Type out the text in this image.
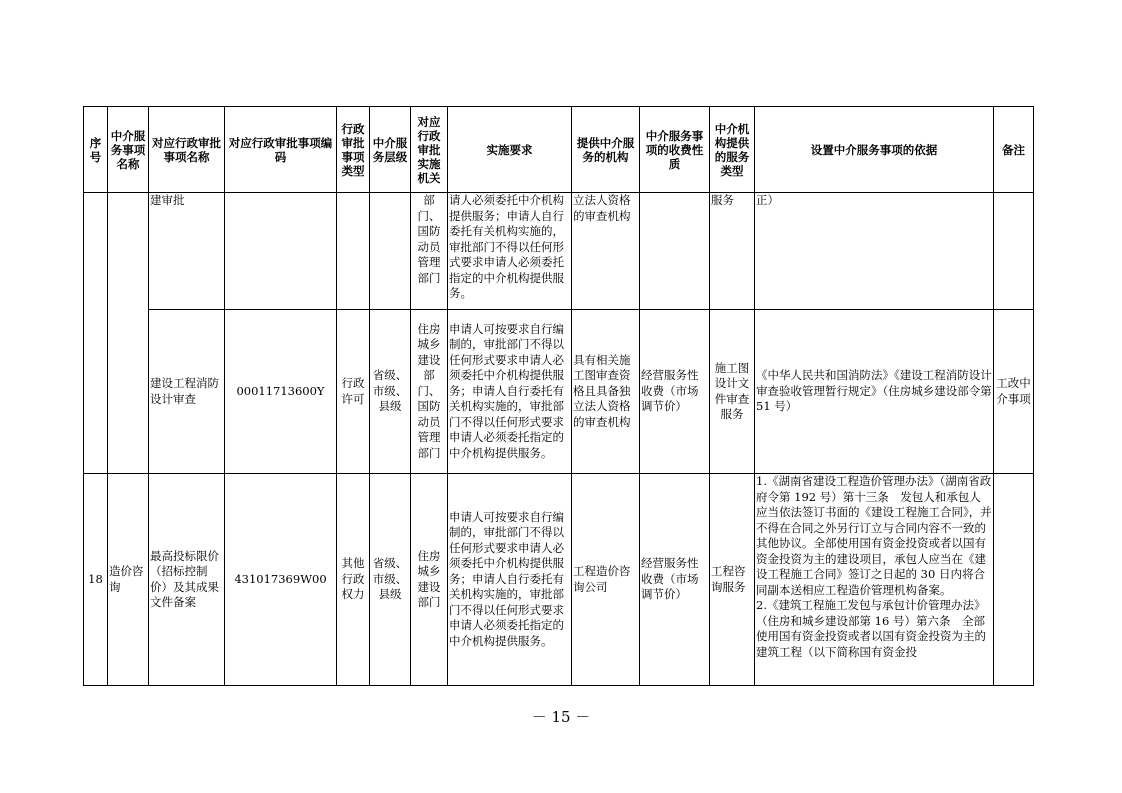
序号	中介服务事项名称	对应行政审批事项名称	对应行政审批事项编码	行政审批事项类型	中介服务层级	对应行政审批实施机关	实施要求	提供中介服务的机构	中介服务事项的收费性质	中介机构提供的服务类型	设置中介服务事项的依据	备注
		建审批				部门、国防动员管理部门	请人必须委托中介机构提供服务；申请人自行委托有关机构实施的，审批部门不得以任何形式要求申请人必须委托指定的中介机构提供服务。	立法人资格的审查机构		服务	正）	
		建设工程消防设计审查	00011713600Y	行政许可	省级、市级、县级	住房城乡建设部门、国防动员管理部门	申请人可按要求自行编制的，审批部门不得以任何形式要求申请人必须委托中介机构提供服务；申请人自行委托有关机构实施的，审批部门不得以任何形式要求申请人必须委托指定的中介机构提供服务。	具有相关施工图审查资格且具备独立法人资格的审查机构	经营服务性收费（市场调节价）	施工图设计文件审查服务	《中华人民共和国消防法》《建设工程消防设计审查验收管理暂行规定》（住房城乡建设部令第 51 号）	工改中介事项
18	造价咨询	最高投标限价（招标控制价）及其成果文件备案	431017369W00	其他行政权力	省级、市级、县级	住房城乡建设部门	申请人可按要求自行编制的，审批部门不得以任何形式要求申请人必须委托中介机构提供服务；申请人自行委托有关机构实施的，审批部门不得以任何形式要求申请人必须委托指定的中介机构提供服务。	工程造价咨询公司	经营服务性收费（市场调节价）	工程咨询服务	1.《湖南省建设工程造价管理办法》（湖南省政府令第 192 号）第十三条　发包人和承包人应当依法签订书面的《建设工程施工合同》，并不得在合同之外另行订立与合同内容不一致的其他协议。全部使用国有资金投资或者以国有资金投资为主的建设项目，承包人应当在《建设工程施工合同》签订之日起的 30 日内将合同副本送相应工程造价管理机构备案。
2.《建筑工程施工发包与承包计价管理办法》（住房和城乡建设部第 16 号）第六条　全部使用国有资金投资或者以国有资金投资为主的建筑工程（以下简称国有资金投	

－ 15 －
